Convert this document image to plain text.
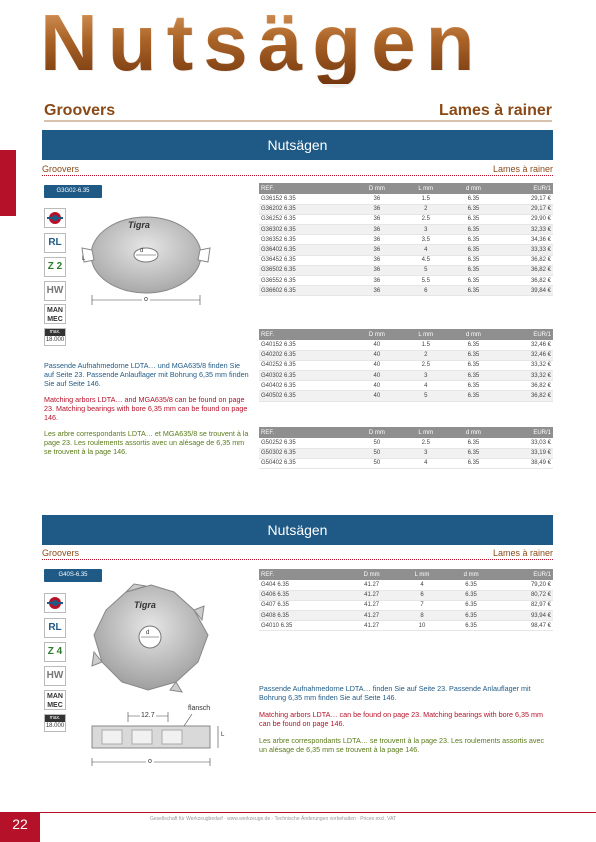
Nutsägen
Groovers	Lames à rainer
Nutsägen
Groovers	Lames à rainer
G3G02-6.35
RL
Z 2
HW
MAN
MEC
max.
18.000
d
o
Tigra
L
REF.	D mm	L mm	d mm	EUR/1
G36152 6.35	36	1.5	6.35	29,17 €
G36202 6.35	36	2	6.35	29,17 €
G36252 6.35	36	2.5	6.35	29,90 €
G36302 6.35	36	3	6.35	32,33 €
G36352 6.35	36	3.5	6.35	34,36 €
G36402 6.35	36	4	6.35	33,33 €
G36452 6.35	36	4.5	6.35	36,82 €
G36502 6.35	36	5	6.35	36,82 €
G36552 6.35	36	5.5	6.35	36,82 €
G36602 6.35	36	6	6.35	39,84 €
REF.	D mm	L mm	d mm	EUR/1
G40152 6.35	40	1.5	6.35	32,46 €
G40202 6.35	40	2	6.35	32,46 €
G40252 6.35	40	2.5	6.35	33,32 €
G40302 6.35	40	3	6.35	33,32 €
G40402 6.35	40	4	6.35	36,82 €
G40502 6.35	40	5	6.35	36,82 €
REF.	D mm	L mm	d mm	EUR/1
G50252 6.35	50	2.5	6.35	33,03 €
G50302 6.35	50	3	6.35	33,19 €
G50402 6.35	50	4	6.35	38,49 €
Passende Aufnahmedorne LDTA… und MGA635/8 finden Sie auf Seite 23. Passende Anlaufl​ager mit Bohrung 6,35 mm finden Sie auf Seite 146.
Matching arbors LDTA… and MGA635/8 can be found on page 23. Matching bearings with bore 6,35 mm can be found on page 146.
Les arbre correspondants LDTA… et MGA635/8 se trouvent à la page 23. Les roulements assortis avec un alésage de 6,35 mm se trouvent à la page 146.
Nutsägen
Groovers	Lames à rainer
G40S-6.35
RL
Z 4
HW
MAN
MEC
max.
18.000
d
Tigra
12.7
flansch
o
L
REF.	D mm	L mm	d mm	EUR/1
G404 6.35	41.27	4	6.35	79,20 €
G406 6.35	41.27	6	6.35	80,72 €
G407 6.35	41.27	7	6.35	82,97 €
G408 6.35	41.27	8	6.35	93,94 €
G4010 6.35	41.27	10	6.35	98,47 €
Passende Aufnahmedorne LDTA… finden Sie auf Seite 23. Passende Anlauflager mit Bohrung 6,35 mm finden Sie auf Seite 146.
Matching arbors LDTA… can be found on page 23. Matching bearings with bore 6,35 mm can be found on page 146.
Les arbre correspondants LDTA… se trouvent à la page 23. Les roulements assortis avec un alésage de 6,35 mm se trouvent à la page 146.
22	Gesellschaft für Werkzeugbedarf · www.werkzeuge.de · Technische Änderungen vorbehalten · Prices excl. VAT
